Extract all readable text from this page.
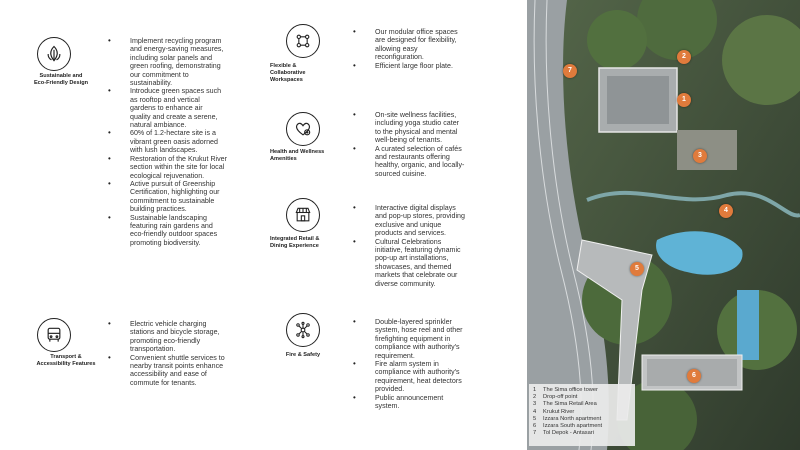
Sustainable and
Eco-Friendly Design
• Implement recycling program
and energy-saving measures,
including solar panels and
green roofing, demonstrating
our commitment to
sustainability.
• Introduce green spaces such
as rooftop and vertical
gardens to enhance air
quality and create a serene,
natural ambiance.
• 60% of 1.2-hectare site is a
vibrant green oasis adorned
with lush landscapes.
• Restoration of the Krukut River
section within the site for local
ecological rejuvenation.
• Active pursuit of Greenship
Certification, highlighting our
commitment to sustainable
building practices.
• Sustainable landscaping
featuring rain gardens and
eco-friendly outdoor spaces
promoting biodiversity.
Transport &
Accessibility Features
• Electric vehicle charging
stations and bicycle storage,
promoting eco-friendly
transportation.
• Convenient shuttle services to
nearby transit points enhance
accessibility and ease of
commute for tenants.
Flexible &
Collaborative
Workspaces
• Our modular office spaces
are designed for flexibility,
allowing easy
reconfiguration.
• Efficient large floor plate.
Health and Wellness
Amenities
• On-site wellness facilities,
including yoga studio cater
to the physical and mental
well-being of tenants.
• A curated selection of cafés
and restaurants offering
healthy, organic, and locally-
sourced cuisine.
Integrated Retail &
Dining Experience
• Interactive digital displays
and pop-up stores, providing
exclusive and unique
products and services.
• Cultural Celebrations
initiative, featuring dynamic
pop-up art installations,
showcases, and themed
markets that celebrate our
diverse community.
Fire & Safety
• Double-layered sprinkler
system, hose reel and other
firefighting equipment in
compliance with authority's
requirement.
• Fire alarm system in
compliance with authority's
requirement, heat detectors
provided.
• Public announcement
system.
1
2
3
4
5
6
7
1 The Sima office tower
2 Drop-off point
3 The Sima Retail Area
4 Krukut River
5 Izzara North apartment
6 Izzara South apartment
7 Tol Depok - Antasari
